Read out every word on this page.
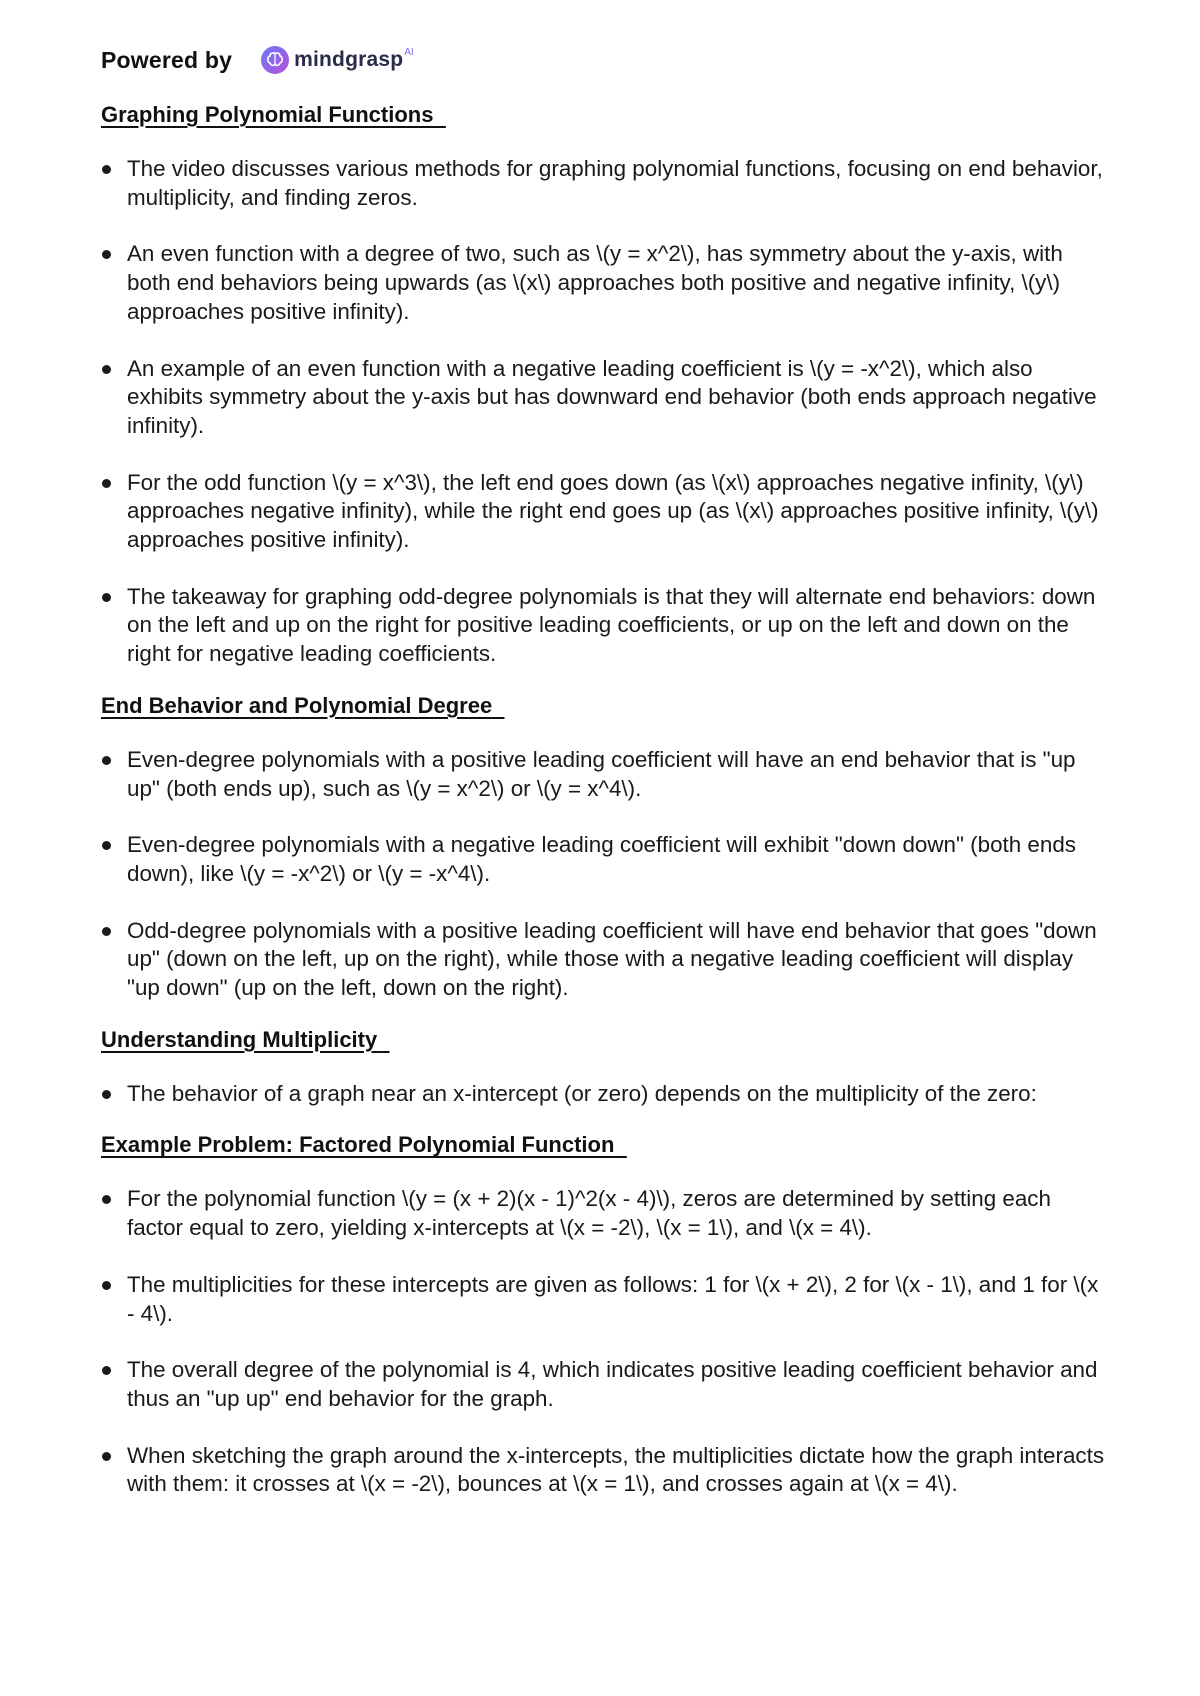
Powered by	mindgrasp AI
Graphing Polynomial Functions
The video discusses various methods for graphing polynomial functions, focusing on end behavior, multiplicity, and finding zeros.
An even function with a degree of two, such as \(y = x^2\), has symmetry about the y-axis, with both end behaviors being upwards (as \(x\) approaches both positive and negative infinity, \(y\) approaches positive infinity).
An example of an even function with a negative leading coefficient is \(y = -x^2\), which also exhibits symmetry about the y-axis but has downward end behavior (both ends approach negative infinity).
For the odd function \(y = x^3\), the left end goes down (as \(x\) approaches negative infinity, \(y\) approaches negative infinity), while the right end goes up (as \(x\) approaches positive infinity, \(y\) approaches positive infinity).
The takeaway for graphing odd-degree polynomials is that they will alternate end behaviors: down on the left and up on the right for positive leading coefficients, or up on the left and down on the right for negative leading coefficients.
End Behavior and Polynomial Degree
Even-degree polynomials with a positive leading coefficient will have an end behavior that is "up up" (both ends up), such as \(y = x^2\) or \(y = x^4\).
Even-degree polynomials with a negative leading coefficient will exhibit "down down" (both ends down), like \(y = -x^2\) or \(y = -x^4\).
Odd-degree polynomials with a positive leading coefficient will have end behavior that goes "down up" (down on the left, up on the right), while those with a negative leading coefficient will display "up down" (up on the left, down on the right).
Understanding Multiplicity
The behavior of a graph near an x-intercept (or zero) depends on the multiplicity of the zero:
Example Problem: Factored Polynomial Function
For the polynomial function \(y = (x + 2)(x - 1)^2(x - 4)\), zeros are determined by setting each factor equal to zero, yielding x-intercepts at \(x = -2\), \(x = 1\), and \(x = 4\).
The multiplicities for these intercepts are given as follows: 1 for \(x + 2\), 2 for \(x - 1\), and 1 for \(x - 4\).
The overall degree of the polynomial is 4, which indicates positive leading coefficient behavior and thus an "up up" end behavior for the graph.
When sketching the graph around the x-intercepts, the multiplicities dictate how the graph interacts with them: it crosses at \(x = -2\), bounces at \(x = 1\), and crosses again at \(x = 4\).
